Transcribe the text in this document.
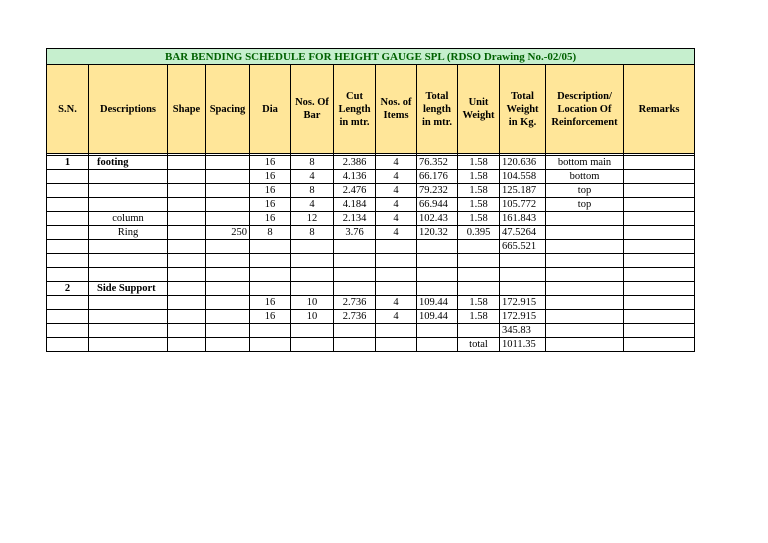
BAR BENDING SCHEDULE FOR HEIGHT GAUGE SPL (RDSO Drawing No.-02/05)												
S.N.	Descriptions	Shape	Spacing	Dia	Nos. Of Bar	Cut Length in mtr.	Nos. of Items	Total length in mtr.	Unit Weight	Total Weight in Kg.	Description/ Location Of Reinforcement	Remarks

1	footing			16	8	2.386	4	76.352	1.58	120.636	bottom main	
				16	4	4.136	4	66.176	1.58	104.558	bottom	
				16	8	2.476	4	79.232	1.58	125.187	top	
				16	4	4.184	4	66.944	1.58	105.772	top	
	column			16	12	2.134	4	102.43	1.58	161.843		
	Ring		250	8	8	3.76	4	120.32	0.395	47.5264		
										665.521		

2	Side Support											
				16	10	2.736	4	109.44	1.58	172.915		
				16	10	2.736	4	109.44	1.58	172.915		
										345.83		
									total	1011.35		
